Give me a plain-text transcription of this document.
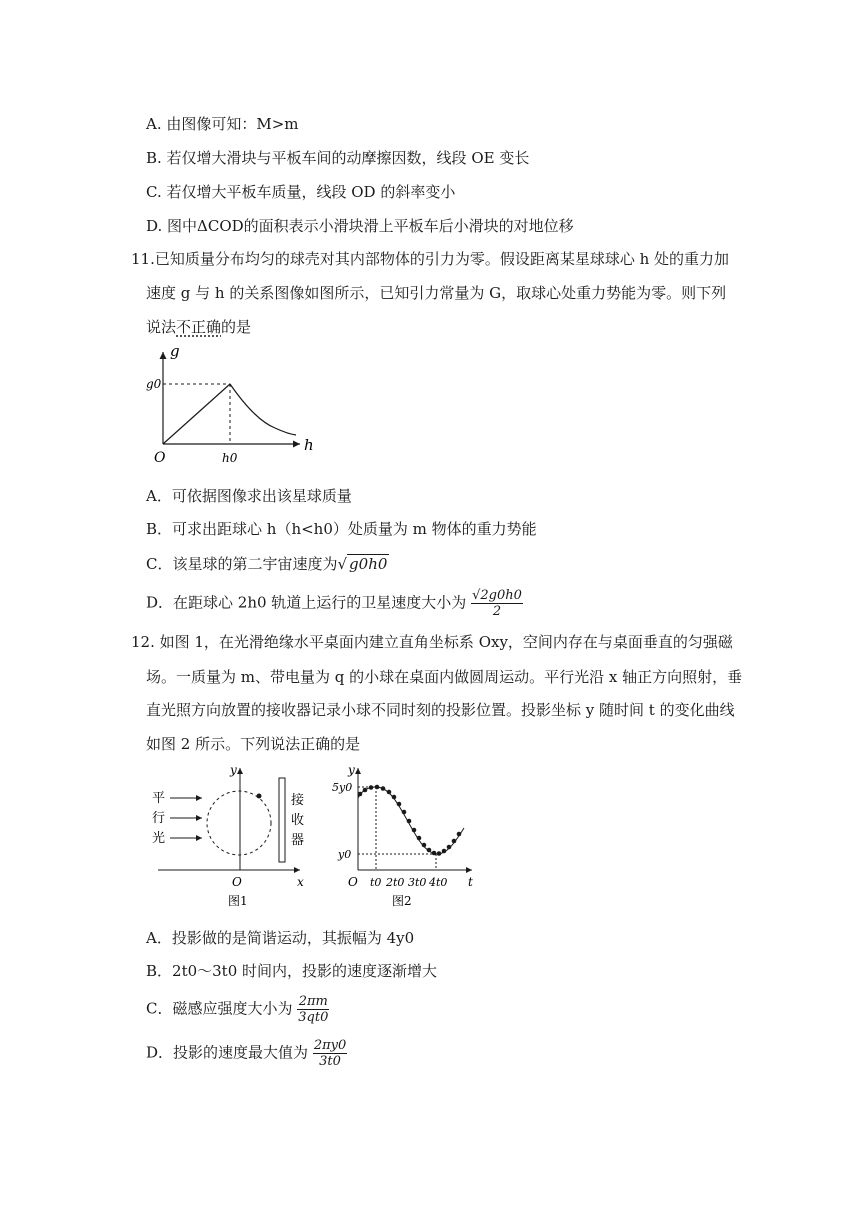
A. 由图像可知：M>m
B. 若仅增大滑块与平板车间的动摩擦因数，线段 OE 变长
C. 若仅增大平板车质量，线段 OD 的斜率变小
D. 图中ΔCOD的面积表示小滑块滑上平板车后小滑块的对地位移
11.已知质量分布均匀的球壳对其内部物体的引力为零。假设距离某星球球心 h 处的重力加
速度 g 与 h 的关系图像如图所示，已知引力常量为 G，取球心处重力势能为零。则下列
说法不正确的是
g
h
O
g0
h0
A．可依据图像求出该星球质量
B．可求出距球心 h（h<h0）处质量为 m 物体的重力势能
C．该星球的第二宇宙速度为√ g0h0
D．在距球心 2h0 轨道上运行的卫星速度大小为 $\frac{√2g0h0}{2}$
12. 如图 1，在光滑绝缘水平桌面内建立直角坐标系 Oxy，空间内存在与桌面垂直的匀强磁
场。一质量为 m、带电量为 q 的小球在桌面内做圆周运动。平行光沿 x 轴正方向照射，垂
直光照方向放置的接收器记录小球不同时刻的投影位置。投影坐标 y 随时间 t 的变化曲线
如图 2 所示。下列说法正确的是
平
行
光
接
收
器
y
x
O
图1
y
t
O
5y0
y0
t0 2t0 3t0 4t0
图2
A．投影做的是简谐运动，其振幅为 4y0
B．2t0～3t0 时间内，投影的速度逐渐增大
C．磁感应强度大小为 $\frac{2\pi m}{3qt0}$
D．投影的速度最大值为 $\frac{2\pi y0}{3t0}$
